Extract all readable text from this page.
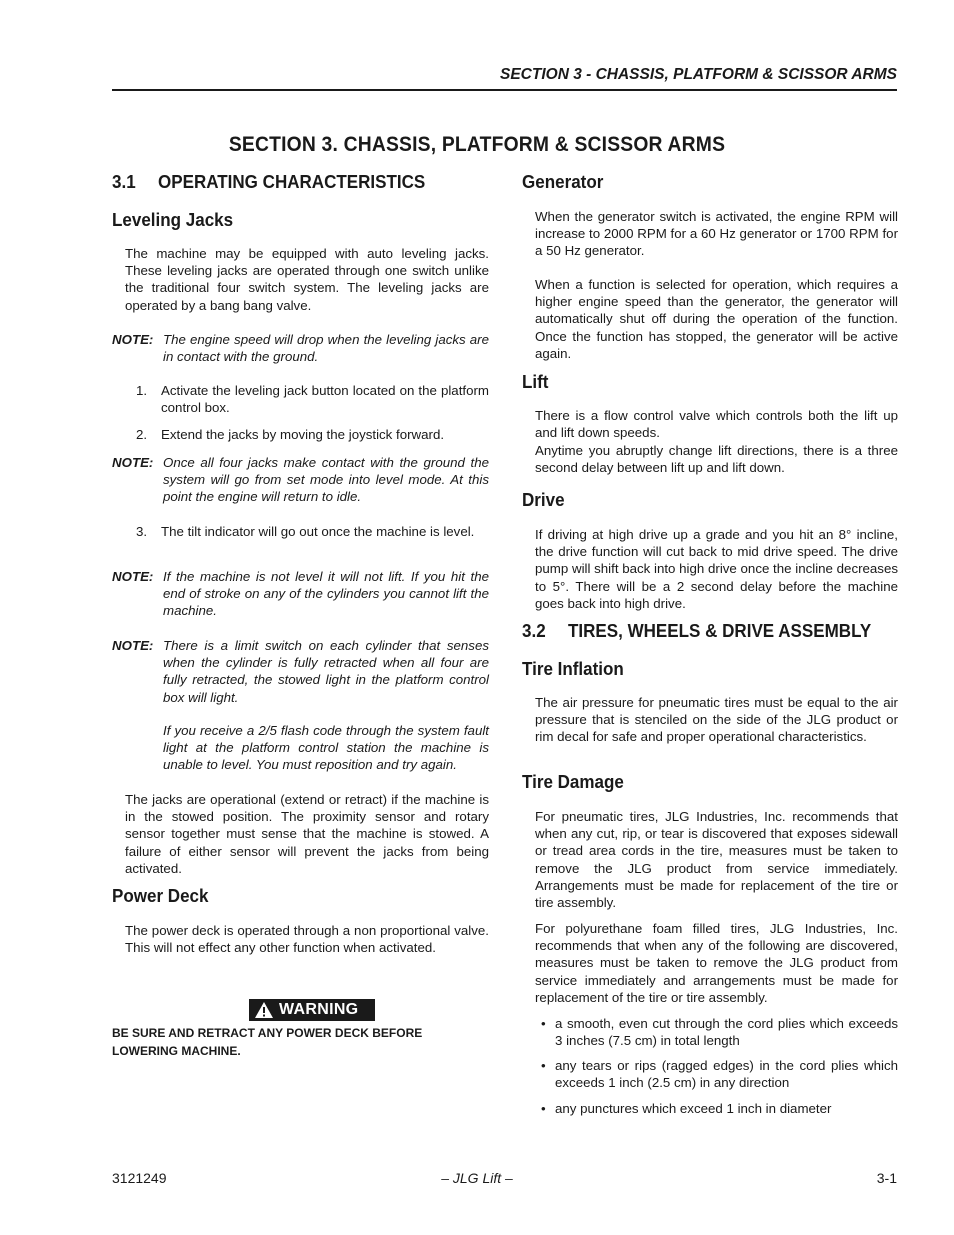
SECTION 3 - CHASSIS, PLATFORM & SCISSOR ARMS
SECTION 3. CHASSIS, PLATFORM & SCISSOR ARMS
3.1 OPERATING CHARACTERISTICS
Leveling Jacks
The machine may be equipped with auto leveling jacks. These leveling jacks are operated through one switch unlike the traditional four switch system. The leveling jacks are operated by a bang bang valve.
NOTE: The engine speed will drop when the leveling jacks are in contact with the ground.
1. Activate the leveling jack button located on the platform control box.
2. Extend the jacks by moving the joystick forward.
NOTE: Once all four jacks make contact with the ground the system will go from set mode into level mode. At this point the engine will return to idle.
3. The tilt indicator will go out once the machine is level.
NOTE: If the machine is not level it will not lift. If you hit the end of stroke on any of the cylinders you cannot lift the machine.
NOTE: There is a limit switch on each cylinder that senses when the cylinder is fully retracted when all four are fully retracted, the stowed light in the platform control box will light.
If you receive a 2/5 flash code through the system fault light at the platform control station the machine is unable to level. You must reposition and try again.
The jacks are operational (extend or retract) if the machine is in the stowed position. The proximity sensor and rotary sensor together must sense that the machine is stowed. A failure of either sensor will prevent the jacks from being activated.
Power Deck
The power deck is operated through a non proportional valve. This will not effect any other function when activated.
WARNING
BE SURE AND RETRACT ANY POWER DECK BEFORE LOWERING MACHINE.
Generator
When the generator switch is activated, the engine RPM will increase to 2000 RPM for a 60 Hz generator or 1700 RPM for a 50 Hz generator.
When a function is selected for operation, which requires a higher engine speed than the generator, the generator will automatically shut off during the operation of the function. Once the function has stopped, the generator will be active again.
Lift
There is a flow control valve which controls both the lift up and lift down speeds.
Anytime you abruptly change lift directions, there is a three second delay between lift up and lift down.
Drive
If driving at high drive up a grade and you hit an 8° incline, the drive function will cut back to mid drive speed. The drive pump will shift back into high drive once the incline decreases to 5°. There will be a 2 second delay before the machine goes back into high drive.
3.2 TIRES, WHEELS & DRIVE ASSEMBLY
Tire Inflation
The air pressure for pneumatic tires must be equal to the air pressure that is stenciled on the side of the JLG product or rim decal for safe and proper operational characteristics.
Tire Damage
For pneumatic tires, JLG Industries, Inc. recommends that when any cut, rip, or tear is discovered that exposes sidewall or tread area cords in the tire, measures must be taken to remove the JLG product from service immediately. Arrangements must be made for replacement of the tire or tire assembly.
For polyurethane foam filled tires, JLG Industries, Inc. recommends that when any of the following are discovered, measures must be taken to remove the JLG product from service immediately and arrangements must be made for replacement of the tire or tire assembly.
• a smooth, even cut through the cord plies which exceeds 3 inches (7.5 cm) in total length
• any tears or rips (ragged edges) in the cord plies which exceeds 1 inch (2.5 cm) in any direction
• any punctures which exceed 1 inch in diameter
3121249	– JLG Lift –	3-1
